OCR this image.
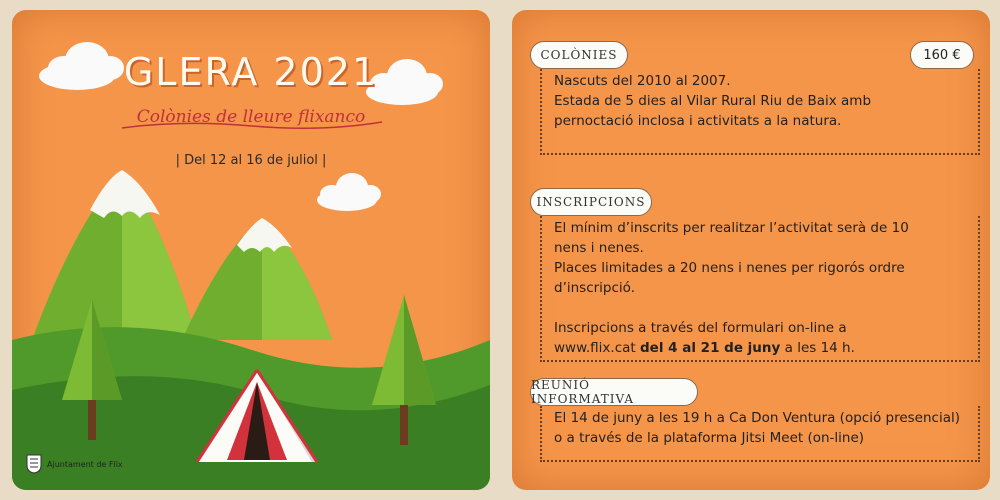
GLERA 2021
Colònies de lleure flixanco
| Del 12 al 16 de juliol |
Ajuntament de Flix
COLÒNIES	160 €

Nascuts del 2010 al 2007.

Estada de 5 dies al Vilar Rural Riu de Baix amb

pernoctació inclosa i activitats a la natura.

INSCRIPCIONS

El mínim d’inscrits per realitzar l’activitat serà de 10

nens i nenes.

Places limitades a 20 nens i nenes per rigorós ordre

d’inscripció.

Inscripcions a través del formulari on-line a

www.flix.cat del 4 al 21 de juny a les 14 h.

REUNIÓ INFORMATIVA

El 14 de juny a les 19 h a Ca Don Ventura (opció presencial)

o a través de la plataforma Jitsi Meet (on-line)
